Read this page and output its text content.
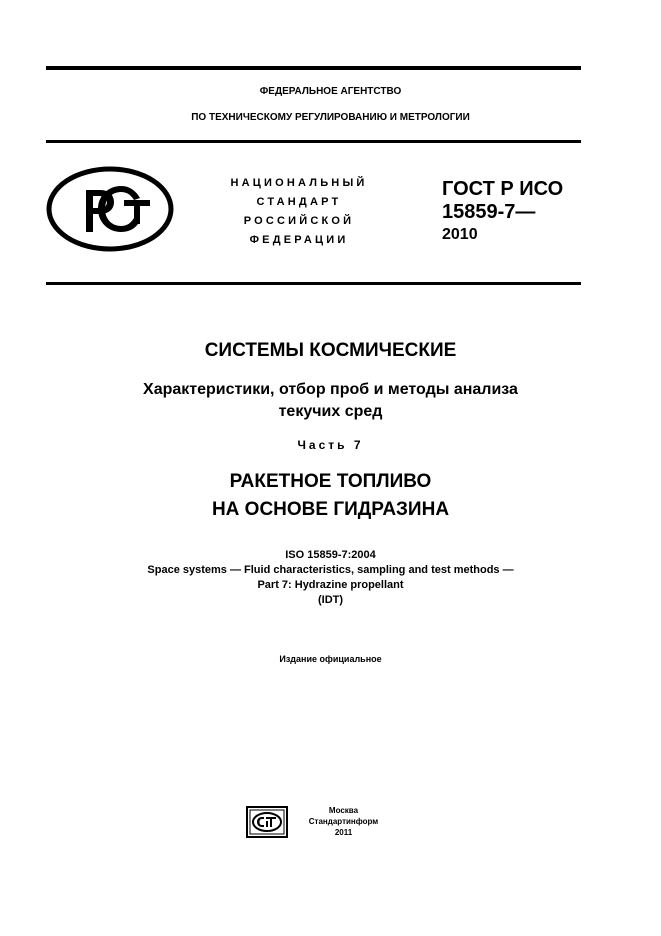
ФЕДЕРАЛЬНОЕ АГЕНТСТВО
ПО ТЕХНИЧЕСКОМУ РЕГУЛИРОВАНИЮ И МЕТРОЛОГИИ
НАЦИОНАЛЬНЫЙ
СТАНДАРТ
РОССИЙСКОЙ
ФЕДЕРАЦИИ
ГОСТ Р ИСО
15859-7—
2010
СИСТЕМЫ КОСМИЧЕСКИЕ
Характеристики, отбор проб и методы анализа
текучих сред
Часть 7
РАКЕТНОЕ ТОПЛИВО
НА ОСНОВЕ ГИДРАЗИНА
ISO 15859-7:2004
Space systems — Fluid characteristics, sampling and test methods —
Part 7: Hydrazine propellant
(IDT)
Издание официальное
Москва
Стандартинформ
2011
